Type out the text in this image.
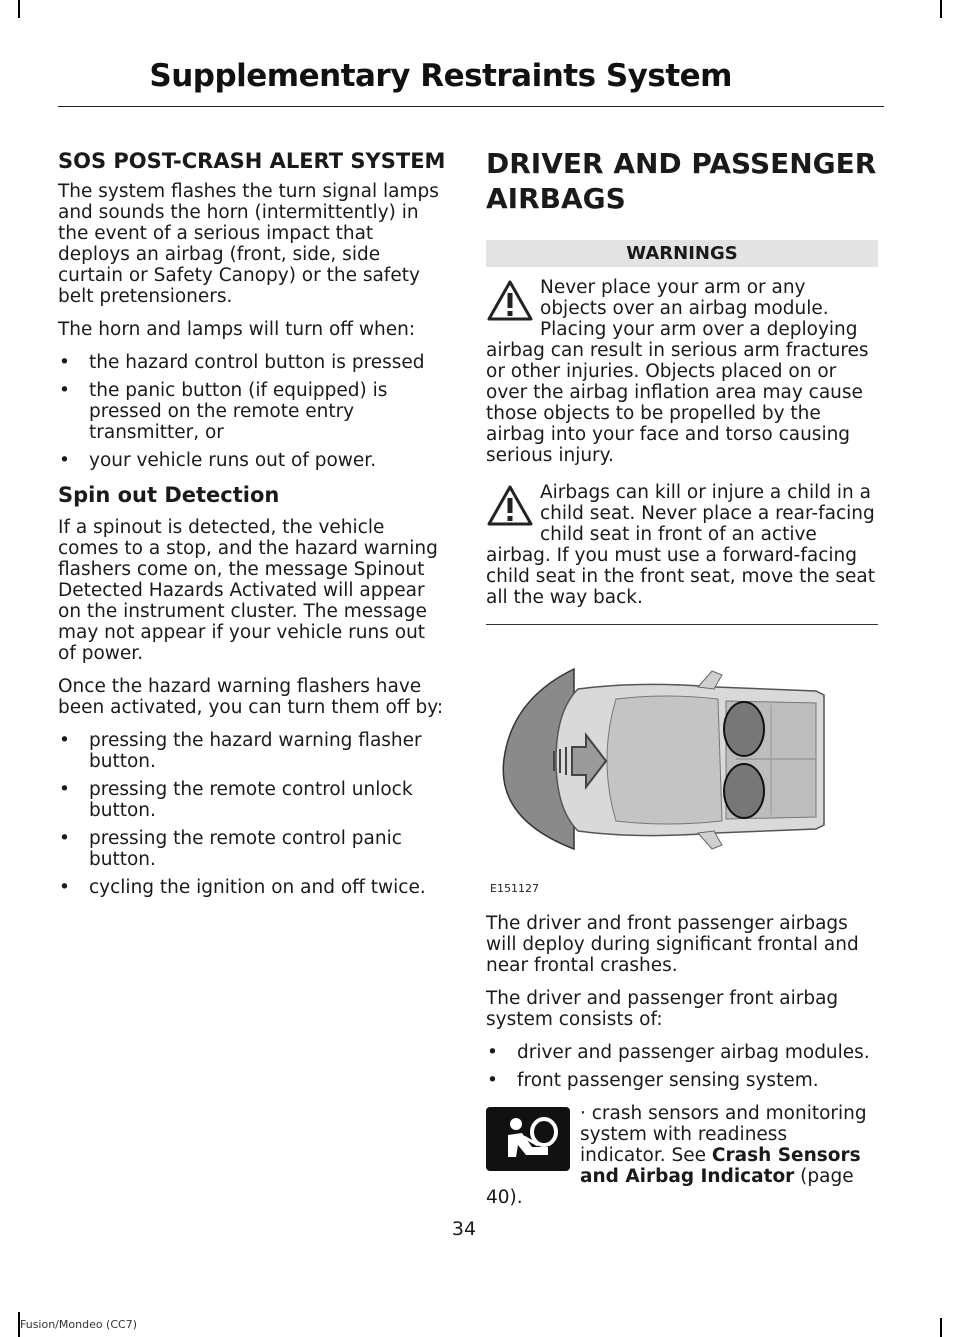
Supplementary Restraints System
SOS POST-CRASH ALERT SYSTEM

The system flashes the turn signal lamps and sounds the horn (intermittently) in the event of a serious impact that deploys an airbag (front, side, side curtain or Safety Canopy) or the safety belt pretensioners.

The horn and lamps will turn off when:

• the hazard control button is pressed
• the panic button (if equipped) is pressed on the remote entry transmitter, or
• your vehicle runs out of power.
Spin out Detection

If a spinout is detected, the vehicle comes to a stop, and the hazard warning flashers come on, the message Spinout Detected Hazards Activated will appear on the instrument cluster. The message may not appear if your vehicle runs out of power.

Once the hazard warning flashers have been activated, you can turn them off by:

• pressing the hazard warning flasher button.
• pressing the remote control unlock button.
• pressing the remote control panic button.
• cycling the ignition on and off twice.
DRIVER AND PASSENGER
AIRBAGS
WARNINGS

Never place your arm or any objects over an airbag module. Placing your arm over a deploying airbag can result in serious arm fractures or other injuries. Objects placed on or over the airbag inflation area may cause those objects to be propelled by the airbag into your face and torso causing serious injury.

Airbags can kill or injure a child in a child seat. Never place a rear-facing child seat in front of an active airbag. If you must use a forward-facing child seat in the front seat, move the seat all the way back.

E151127

The driver and front passenger airbags will deploy during significant frontal and near frontal crashes.

The driver and passenger front airbag system consists of:

• driver and passenger airbag modules.
• front passenger sensing system.

· crash sensors and monitoring system with readiness indicator. See Crash Sensors and Airbag Indicator (page 40).

34
Fusion/Mondeo (CC7)
